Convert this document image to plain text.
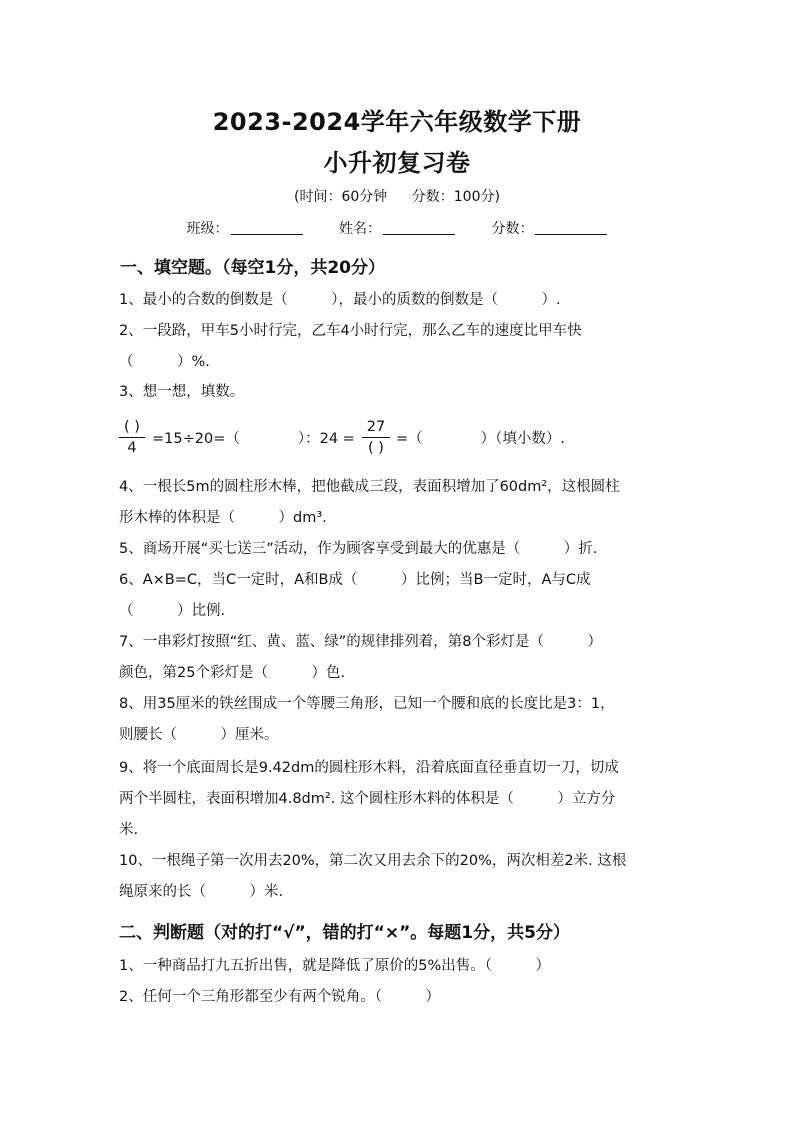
2023-2024学年六年级数学下册
小升初复习卷
(时间：60分钟 分数：100分)
班级：	姓名：	分数：
一、填空题。（每空1分，共20分）
1、最小的合数的倒数是（　　　），最小的质数的倒数是（　　　）.
2、一段路，甲车5小时行完，乙车4小时行完，那么乙车的速度比甲车快
（　　　）%.
3、想一想，填数。
( )
4
=15÷20=（　　　　）：24 =
27
( )
=（　　　　）（填小数）.
4、一根长5m的圆柱形木棒，把他截成三段，表面积增加了60dm²，这根圆柱
形木棒的体积是（　　　）dm³.
5、商场开展“买七送三”活动，作为顾客享受到最大的优惠是（　　　）折.
6、A×B=C，当C一定时，A和B成（　　　）比例；当B一定时，A与C成
（　　　）比例.
7、一串彩灯按照“红、黄、蓝、绿”的规律排列着，第8个彩灯是（　　　）
颜色，第25个彩灯是（　　　）色.
8、用35厘米的铁丝围成一个等腰三角形，已知一个腰和底的长度比是3：1，
则腰长（　　　）厘米。
9、将一个底面周长是9.42dm的圆柱形木料，沿着底面直径垂直切一刀，切成
两个半圆柱，表面积增加4.8dm². 这个圆柱形木料的体积是（　　　）立方分
米.
10、一根绳子第一次用去20%，第二次又用去余下的20%，两次相差2米. 这根
绳原来的长（　　　）米.
二、判断题（对的打“√”，错的打“×”。每题1分，共5分）
1、一种商品打九五折出售，就是降低了原价的5%出售。（　　　）
2、任何一个三角形都至少有两个锐角。（　　　）
